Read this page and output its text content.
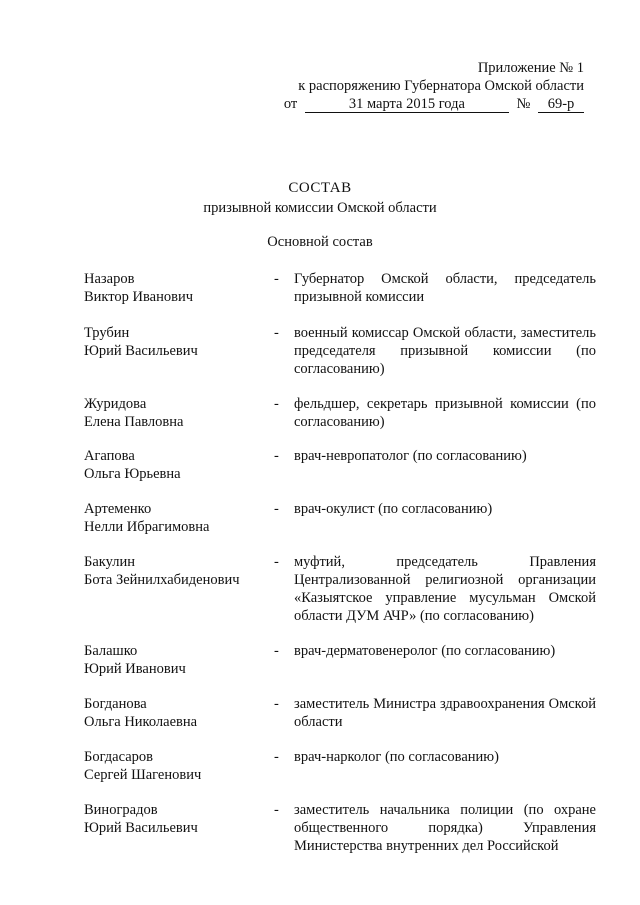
Приложение № 1
к распоряжению Губернатора Омской области
от	31 марта 2015 года	№ 69-р
СОСТАВ
призывной комиссии Омской области
Основной состав
Назаров
Виктор Иванович
-	Губернатор Омской области, председатель призывной комиссии
Трубин
Юрий Васильевич
-	военный комиссар Омской области, заместитель председателя призывной комиссии (по согласованию)
Журидова
Елена Павловна
-	фельдшер, секретарь призывной комиссии (по согласованию)
Агапова
Ольга Юрьевна
-	врач-невропатолог (по согласованию)
Артеменко
Нелли Ибрагимовна
-	врач-окулист (по согласованию)
Бакулин
Бота Зейнилхабиденович
-	муфтий, председатель Правления Централизованной религиозной организации «Казыятское управление мусульман Омской области ДУМ АЧР» (по согласованию)
Балашко
Юрий Иванович
-	врач-дерматовенеролог (по согласованию)
Богданова
Ольга Николаевна
-	заместитель Министра здравоохранения Омской области
Богдасаров
Сергей Шагенович
-	врач-нарколог (по согласованию)
Виноградов
Юрий Васильевич
-	заместитель начальника полиции (по охране общественного порядка) Управления Министерства внутренних дел Российской
